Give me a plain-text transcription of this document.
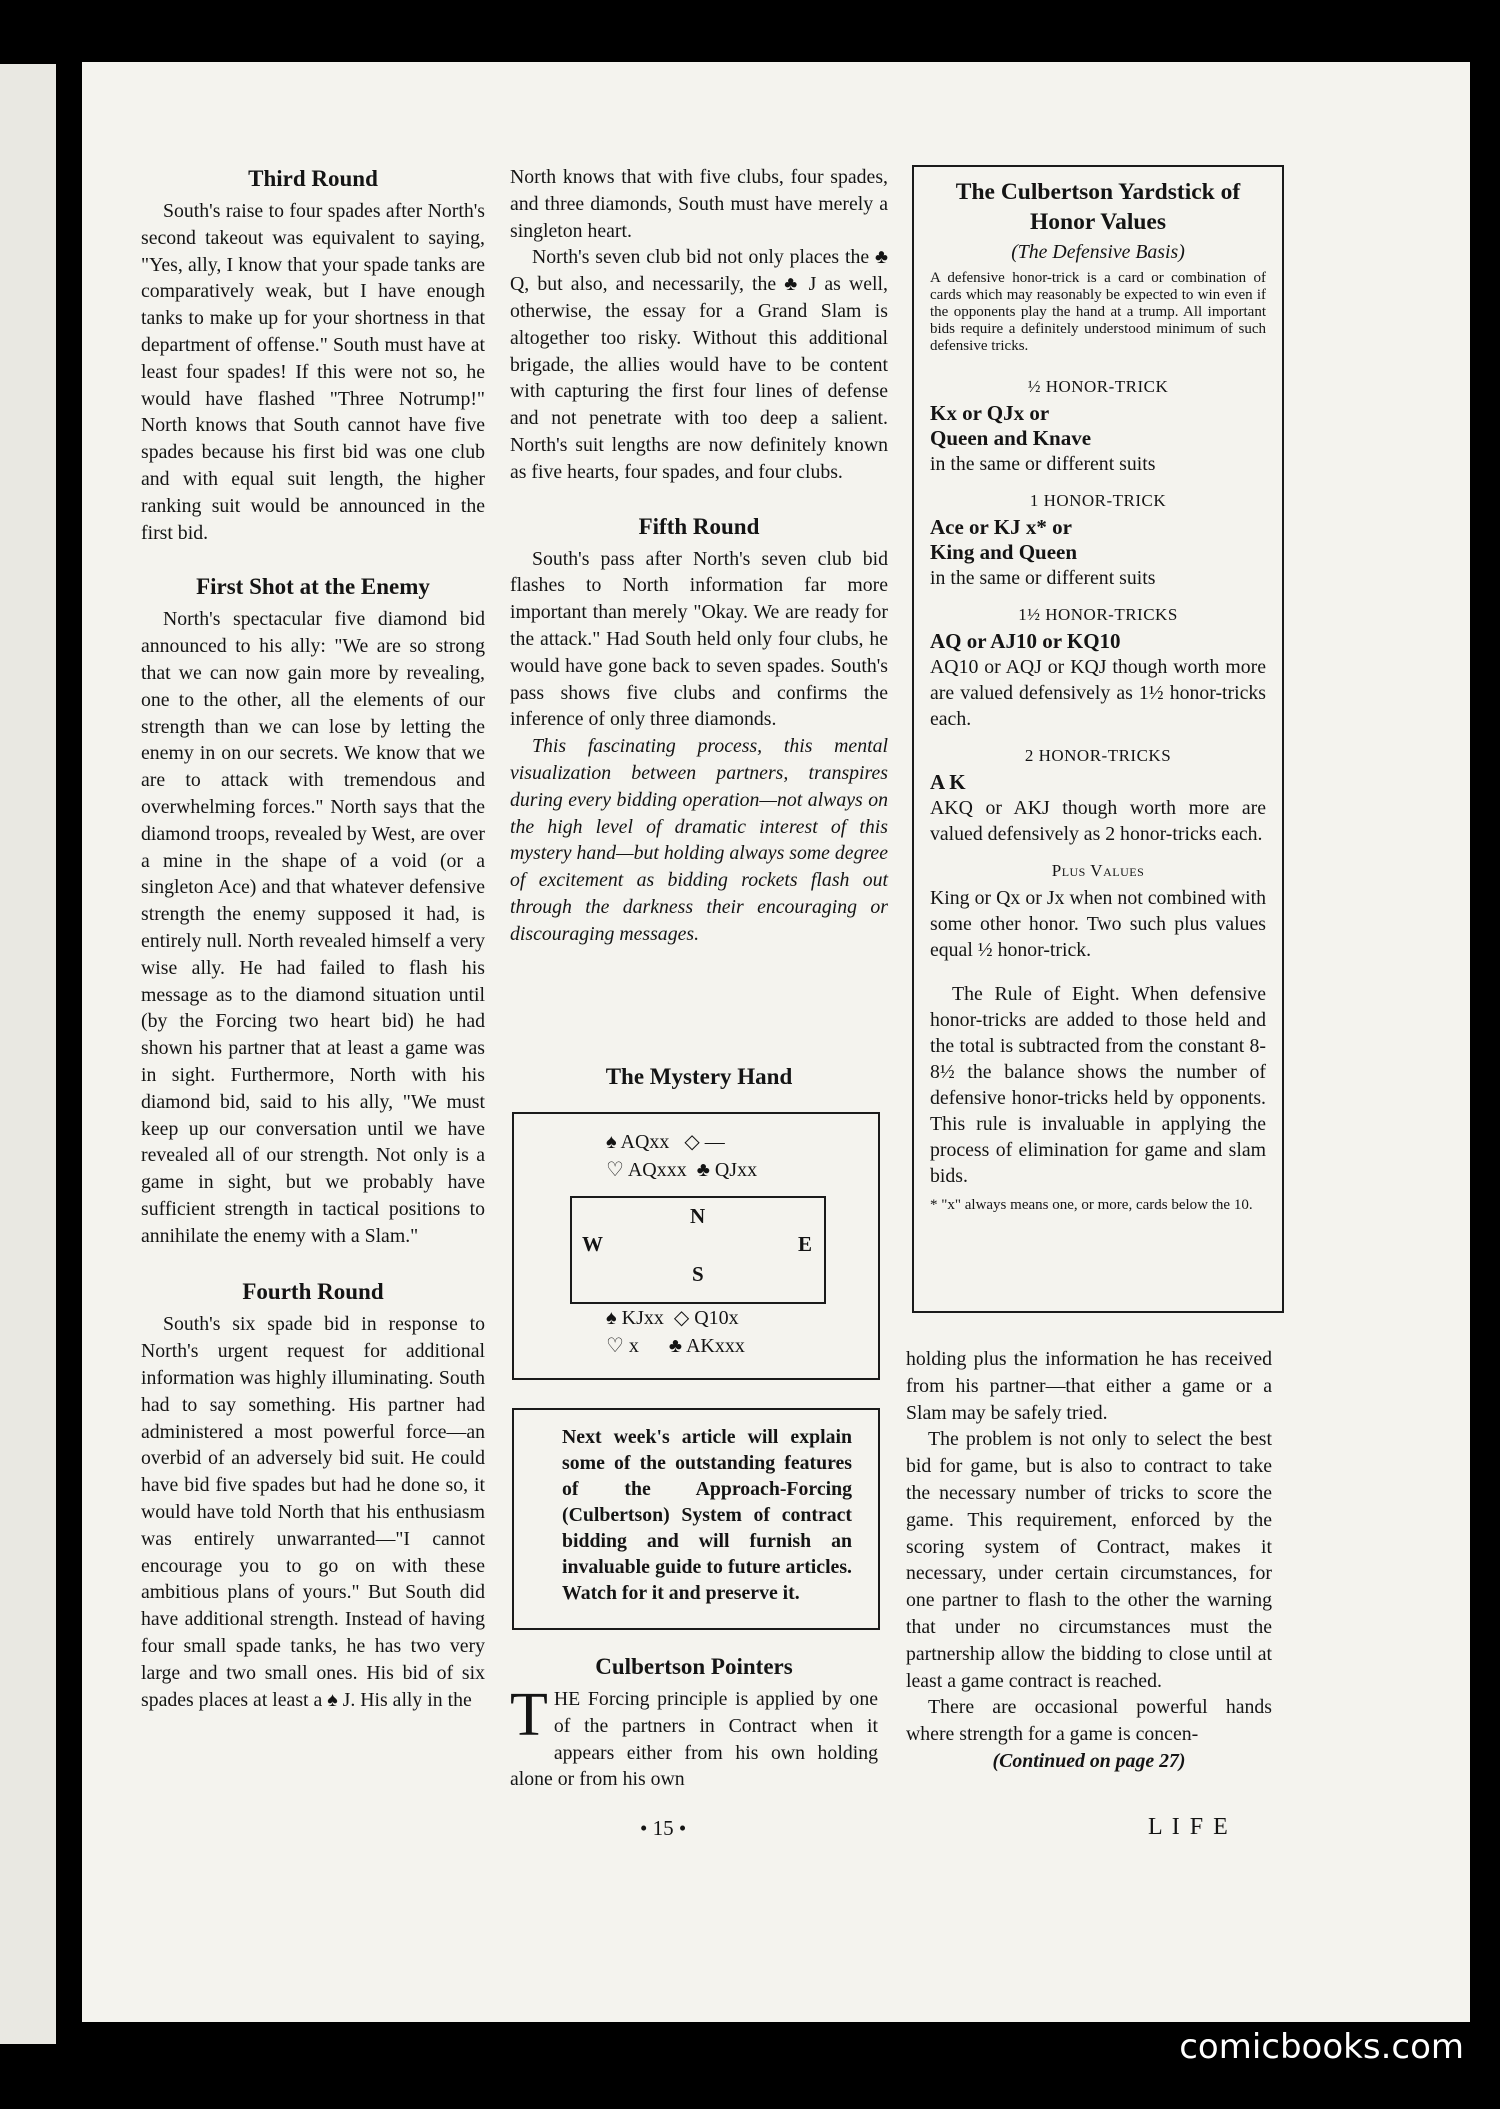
Third Round

South's raise to four spades after North's second takeout was equivalent to saying, "Yes, ally, I know that your spade tanks are comparatively weak, but I have enough tanks to make up for your shortness in that department of offense." South must have at least four spades! If this were not so, he would have flashed "Three Notrump!" North knows that South cannot have five spades because his first bid was one club and with equal suit length, the higher ranking suit would be announced in the first bid.

First Shot at the Enemy

North's spectacular five diamond bid announced to his ally: "We are so strong that we can now gain more by revealing, one to the other, all the elements of our strength than we can lose by letting the enemy in on our secrets. We know that we are to attack with tremendous and overwhelming forces." North says that the diamond troops, revealed by West, are over a mine in the shape of a void (or a singleton Ace) and that whatever defensive strength the enemy supposed it had, is entirely null. North revealed himself a very wise ally. He had failed to flash his message as to the diamond situation until (by the Forcing two heart bid) he had shown his partner that at least a game was in sight. Furthermore, North with his diamond bid, said to his ally, "We must keep up our conversation until we have revealed all of our strength. Not only is a game in sight, but we probably have sufficient strength in tactical positions to annihilate the enemy with a Slam."

Fourth Round

South's six spade bid in response to North's urgent request for additional information was highly illuminating. South had to say something. His partner had administered a most powerful force—an overbid of an adversely bid suit. He could have bid five spades but had he done so, it would have told North that his enthusiasm was entirely unwarranted—"I cannot encourage you to go on with these ambitious plans of yours." But South did have additional strength. Instead of having four small spade tanks, he has two very large and two small ones. His bid of six spades places at least a ♠ J. His ally in the

North knows that with five clubs, four spades, and three diamonds, South must have merely a singleton heart.

North's seven club bid not only places the ♣ Q, but also, and necessarily, the ♣ J as well, otherwise, the essay for a Grand Slam is altogether too risky. Without this additional brigade, the allies would have to be content with capturing the first four lines of defense and not penetrate with too deep a salient. North's suit lengths are now definitely known as five hearts, four spades, and four clubs.

Fifth Round

South's pass after North's seven club bid flashes to North information far more important than merely "Okay. We are ready for the attack." Had South held only four clubs, he would have gone back to seven spades. South's pass shows five clubs and confirms the inference of only three diamonds.

This fascinating process, this mental visualization between partners, transpires during every bidding operation—not always on the high level of dramatic interest of this mystery hand—but holding always some degree of excitement as bidding rockets flash out through the darkness their encouraging or discouraging messages.

The Mystery Hand
♠ AQxx   ◇ —
♡ AQxxx  ♣ QJxx
N
W	E
S
♠ KJxx  ◇ Q10x
♡ x      ♣ AKxxx
Next week's article will explain some of the outstanding features of the Approach-Forcing (Culbertson) System of contract bidding and will furnish an invaluable guide to future articles. Watch for it and preserve it.
Culbertson Pointers

THE Forcing principle is applied by one of the partners in Contract when it appears either from his own holding alone or from his own

The Culbertson Yardstick of Honor Values
(The Defensive Basis)
A defensive honor-trick is a card or combination of cards which may reasonably be expected to win even if the opponents play the hand at a trump. All important bids require a definitely understood minimum of such defensive tricks.
½ HONOR-TRICK
Kx or QJx or
Queen and Knave
in the same or different suits
1 HONOR-TRICK
Ace or KJ x* or
King and Queen
in the same or different suits
1½ HONOR-TRICKS
AQ or AJ10 or KQ10
AQ10 or AQJ or KQJ though worth more are valued defensively as 1½ honor-tricks each.
2 HONOR-TRICKS
A K
AKQ or AKJ though worth more are valued defensively as 2 honor-tricks each.
Plus Values
King or Qx or Jx when not combined with some other honor. Two such plus values equal ½ honor-trick.
The Rule of Eight. When defensive honor-tricks are added to those held and the total is subtracted from the constant 8-8½ the balance shows the number of defensive honor-tricks held by opponents. This rule is invaluable in applying the process of elimination for game and slam bids.
* "x" always means one, or more, cards below the 10.

holding plus the information he has received from his partner—that either a game or a Slam may be safely tried.

The problem is not only to select the best bid for game, but is also to contract to take the necessary number of tricks to score the game. This requirement, enforced by the scoring system of Contract, makes it necessary, under certain circumstances, for one partner to flash to the other the warning that under no circumstances must the partnership allow the bidding to close until at least a game contract is reached.

There are occasional powerful hands where strength for a game is concen-

(Continued on page 27)
• 15 •	L I F E
comicbooks.com
